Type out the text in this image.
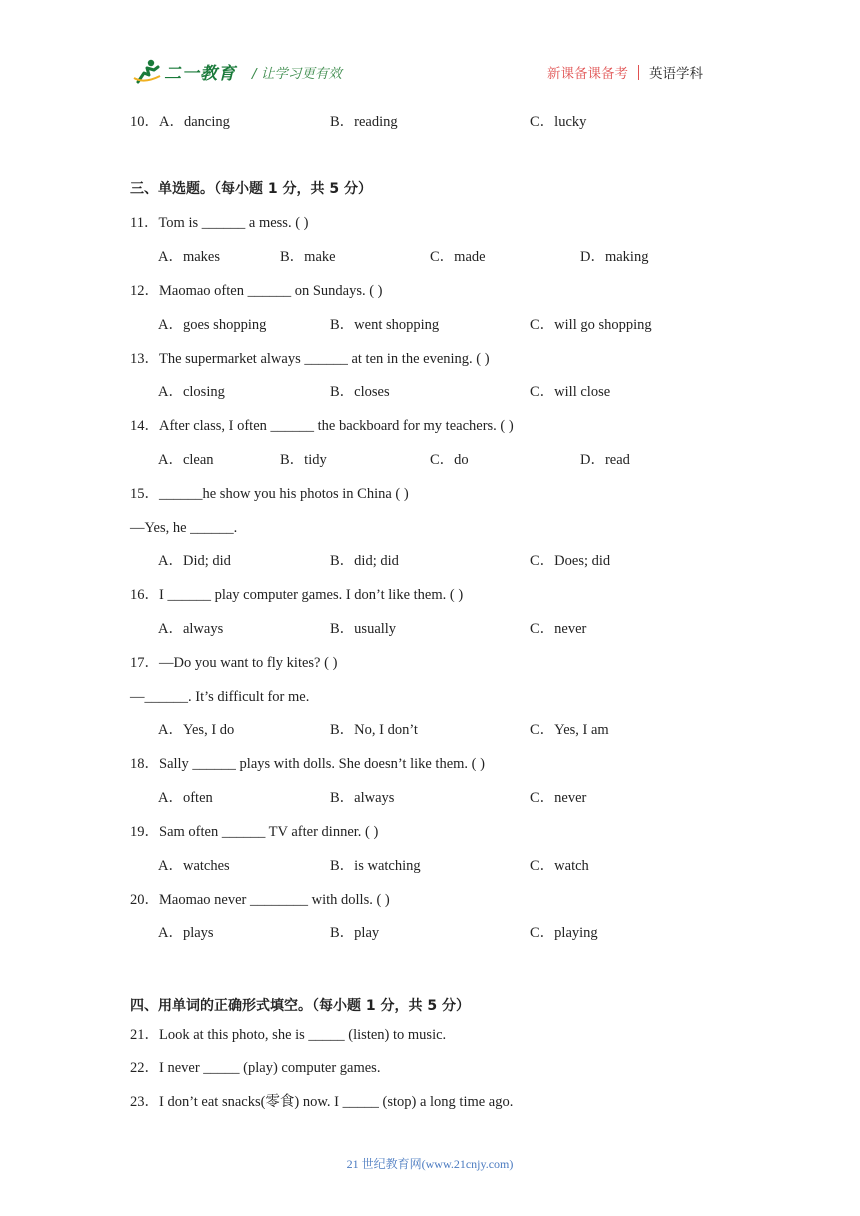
二一教育 / 让学习更有效	新课备课备考 英语学科
10．A．dancing	B．reading	C．lucky
三、单选题。（每小题 1 分，共 5 分）
11．Tom is ______ a mess. ( )
A．makes	B．make	C．made	D．making
12．Maomao often ______ on Sundays. ( )
A．goes shopping	B．went shopping	C．will go shopping
13．The supermarket always ______ at ten in the evening. ( )
A．closing	B．closes	C．will close
14．After class, I often ______ the backboard for my teachers. ( )
A．clean	B．tidy	C．do	D．read
15．______he show you his photos in China ( )
—Yes, he ______.
A．Did; did	B．did; did	C．Does; did
16．I ______ play computer games. I don’t like them. ( )
A．always	B．usually	C．never
17．—Do you want to fly kites? ( )
—______. It’s difficult for me.
A．Yes, I do	B．No, I don’t	C．Yes, I am
18．Sally ______ plays with dolls. She doesn’t like them. ( )
A．often	B．always	C．never
19．Sam often ______ TV after dinner. ( )
A．watches	B．is watching	C．watch
20．Maomao never ________ with dolls. ( )
A．plays	B．play	C．playing
四、用单词的正确形式填空。（每小题 1 分，共 5 分）
21．Look at this photo, she is _____ (listen) to music.
22．I never _____ (play) computer games.
23．I don’t eat snacks(零食) now. I _____ (stop) a long time ago.
21 世纪教育网(www.21cnjy.com)
